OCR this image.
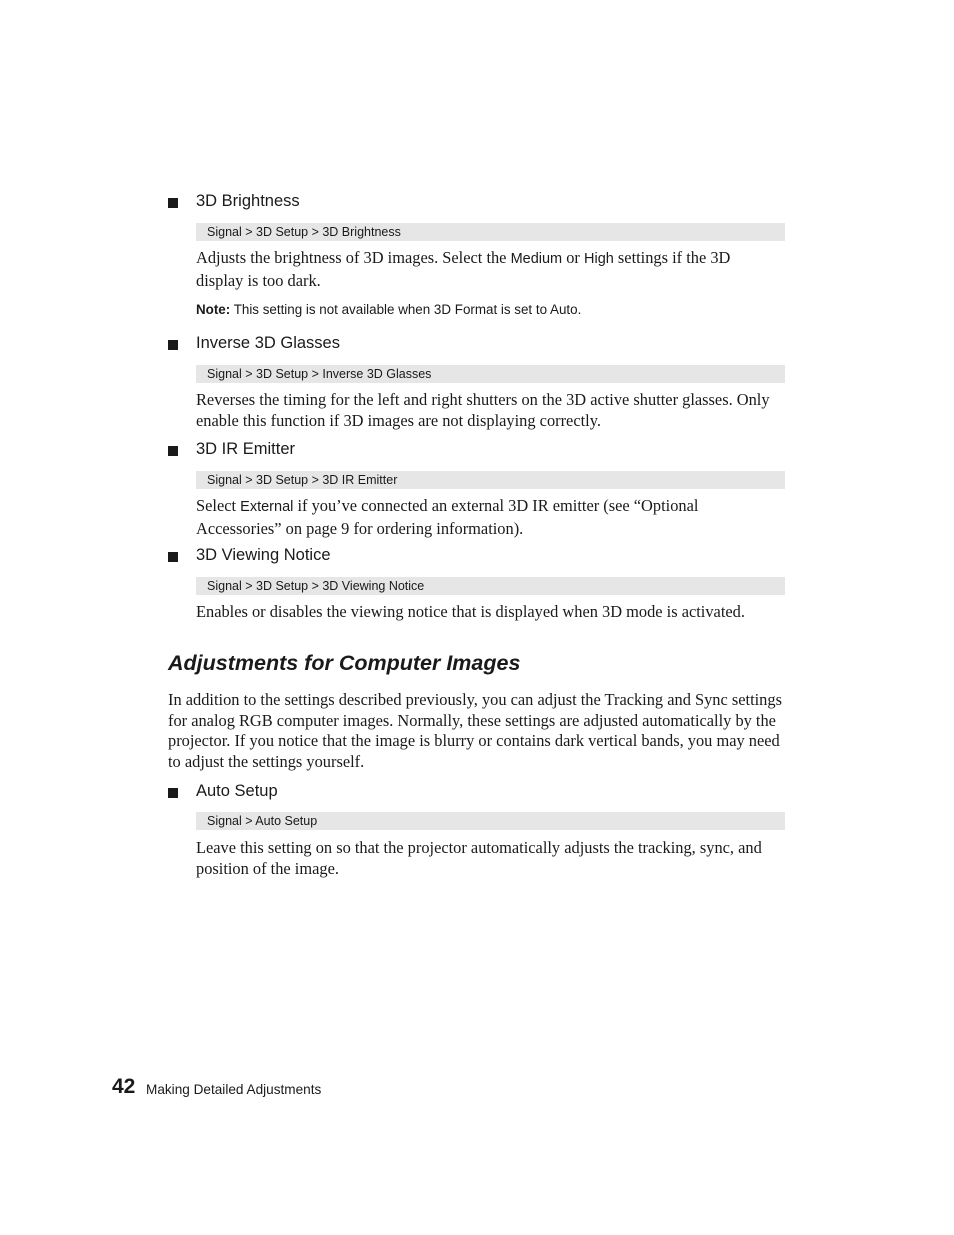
3D Brightness
Signal > 3D Setup > 3D Brightness
Adjusts the brightness of 3D images. Select the Medium or High settings if the 3D display is too dark.
Note: This setting is not available when 3D Format is set to Auto.
Inverse 3D Glasses
Signal > 3D Setup > Inverse 3D Glasses
Reverses the timing for the left and right shutters on the 3D active shutter glasses. Only enable this function if 3D images are not displaying correctly.
3D IR Emitter
Signal > 3D Setup > 3D IR Emitter
Select External if you’ve connected an external 3D IR emitter (see “Optional Accessories” on page 9 for ordering information).
3D Viewing Notice
Signal > 3D Setup > 3D Viewing Notice
Enables or disables the viewing notice that is displayed when 3D mode is activated.
Adjustments for Computer Images
In addition to the settings described previously, you can adjust the Tracking and Sync settings for analog RGB computer images. Normally, these settings are adjusted automatically by the projector. If you notice that the image is blurry or contains dark vertical bands, you may need to adjust the settings yourself.
Auto Setup
Signal > Auto Setup
Leave this setting on so that the projector automatically adjusts the tracking, sync, and position of the image.
42 Making Detailed Adjustments
